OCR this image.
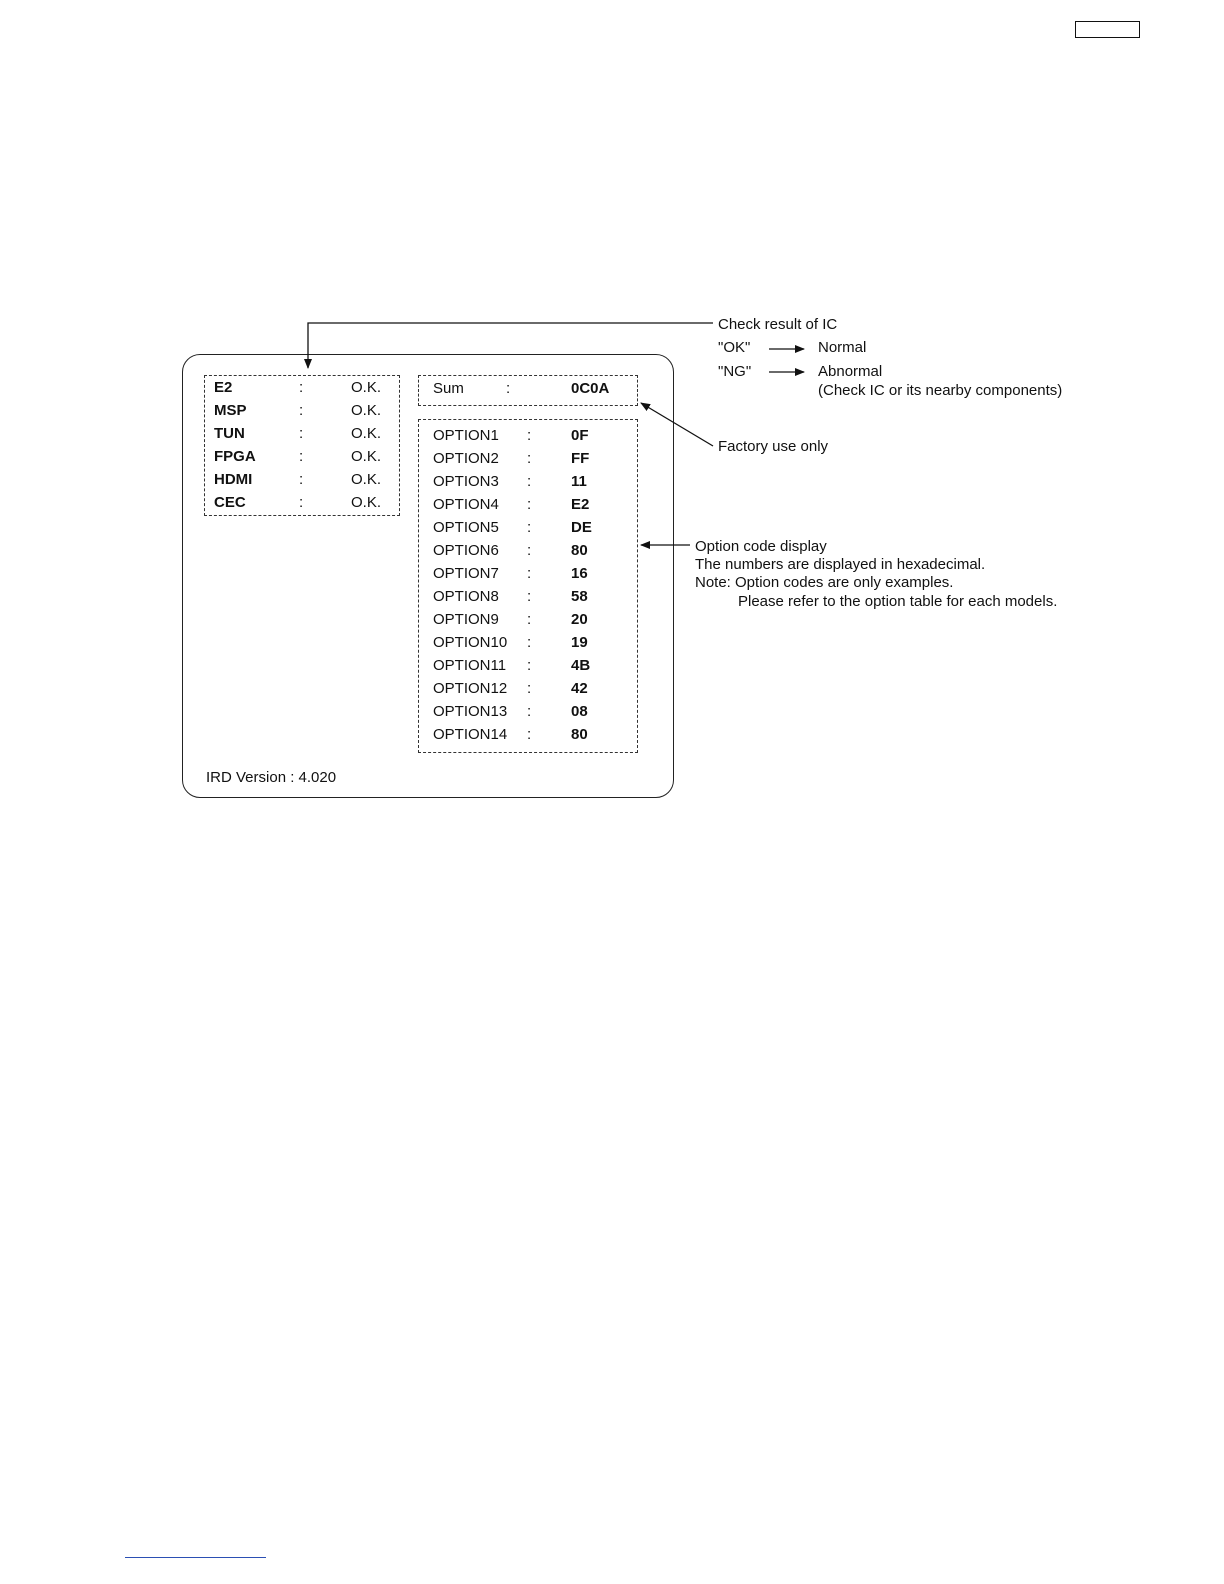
E2	:	O.K.
MSP	:	O.K.
TUN	:	O.K.
FPGA	:	O.K.
HDMI	:	O.K.
CEC	:	O.K.
Sum	:	0C0A
OPTION1 :	0F
OPTION2 :	FF
OPTION3 :	11
OPTION4 :	E2
OPTION5 :	DE
OPTION6 :	80
OPTION7 :	16
OPTION8 :	58
OPTION9 :	20
OPTION10 :	19
OPTION11 :	4B
OPTION12 :	42
OPTION13 :	08
OPTION14 :	80
IRD Version : 4.020
Check result of IC
"OK"	Normal
"NG"	Abnormal
(Check IC or its nearby components)
Factory use only
Option code display
The numbers are displayed in hexadecimal.
Note: Option codes are only examples.
Please refer to the option table for each models.
